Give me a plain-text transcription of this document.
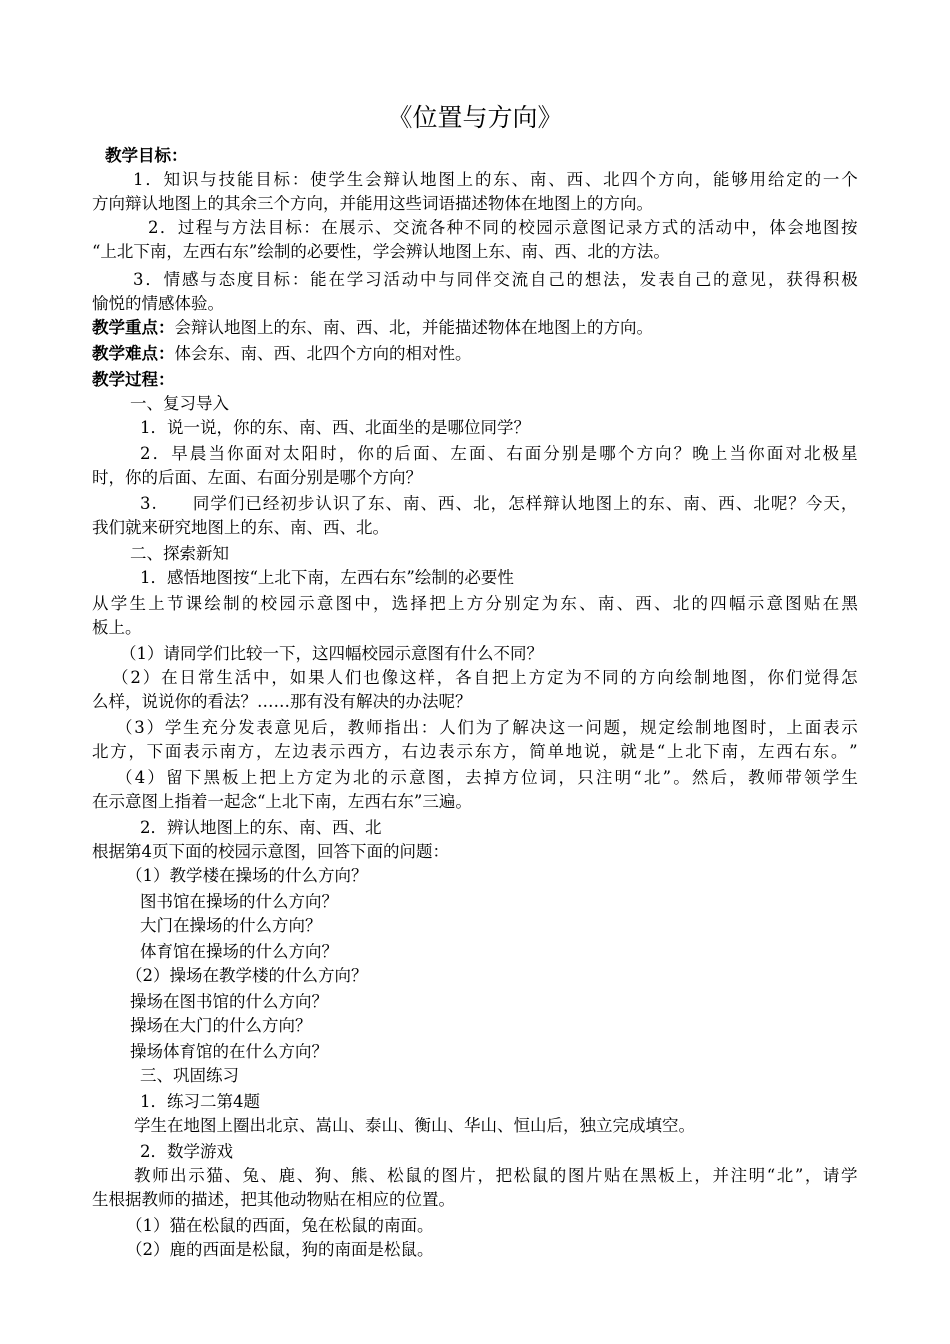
《位置与方向》
教学目标：
1 ． 知 识 与 技 能 目 标 ： 使 学 生 会 辩 认 地 图 上 的 东 、 南 、 西 、 北 四 个 方 向 ， 能 够 用 给 定 的 一 个
方向辩认地图上的其余三个方向，并能用这些词语描述物体在地图上的方向。
2 ． 过 程 与 方 法 目 标 ： 在 展 示 、 交 流 各 种 不 同 的 校 园 示 意 图 记 录 方 式 的 活 动 中 ， 体 会 地 图 按
“上北下南，左西右东”绘制的必要性，学会辨认地图上东、南、西、北的方法。
3 ． 情 感 与 态 度 目 标 ： 能 在 学 习 活 动 中 与 同 伴 交 流 自 己 的 想 法 ， 发 表 自 己 的 意 见 ， 获 得 积 极
愉悦的情感体验。
教学重点：会辩认地图上的东、南、西、北，并能描述物体在地图上的方向。
教学难点：体会东、南、西、北四个方向的相对性。
教学过程：
一、复习导入
1．说一说，你的东、南、西、北面坐的是哪位同学？
2 ． 早 晨 当 你 面 对 太 阳 时 ， 你 的 后 面 、 左 面 、 右 面 分 别 是 哪 个 方 向 ？ 晚 上 当 你 面 对 北 极 星
时，你的后面、左面、右面分别是哪个方向？
3 .

　 同 学 们 已 经 初 步 认 识 了 东 、 南 、 西 、 北 ， 怎 样 辩 认 地 图 上 的 东 、 南 、 西 、 北 呢 ？ 今 天 ，
我们就来研究地图上的东、南、西、北。
二、探索新知
1．感悟地图按“上北下南，左西右东”绘制的必要性
从 学 生 上 节 课 绘 制 的 校 园 示 意 图 中 ， 选 择 把 上 方 分 别 定 为 东 、 南 、 西 、 北 的 四 幅 示 意 图 贴 在 黑
板上。
（1）请同学们比较一下，这四幅校园示意图有什么不同？
（ 2 ） 在 日 常 生 活 中 ， 如 果 人 们 也 像 这 样 ， 各 自 把 上 方 定 为 不 同 的 方 向 绘 制 地 图 ， 你 们 觉 得 怎
么样，说说你的看法？……那有没有解决的办法呢？
（ 3 ） 学 生 充 分 发 表 意 见 后 ， 教 师 指 出 ： 人 们 为 了 解 决 这 一 问 题 ， 规 定 绘 制 地 图 时 ， 上 面 表 示
北 方 ， 下 面 表 示 南 方 ， 左 边 表 示 西 方 ， 右 边 表 示 东 方 ， 简 单 地 说 ， 就 是 “ 上 北 下 南 ， 左 西 右 东 。 ”
（ 4 ） 留 下 黑 板 上 把 上 方 定 为 北 的 示 意 图 ， 去 掉 方 位 词 ， 只 注 明 “ 北 ” 。 然 后 ， 教 师 带 领 学 生
在示意图上指着一起念“上北下南，左西右东”三遍。
2．辨认地图上的东、南、西、北
根据第4页下面的校园示意图，回答下面的问题：
（1）教学楼在操场的什么方向？
图书馆在操场的什么方向？
大门在操场的什么方向？
体育馆在操场的什么方向？
（2）操场在教学楼的什么方向？
操场在图书馆的什么方向？
操场在大门的什么方向？
操场体育馆的在什么方向？
三、巩固练习
1．练习二第4题
学生在地图上圈出北京、嵩山、泰山、衡山、华山、恒山后，独立完成填空。
2．数学游戏
教 师 出 示 猫 、 兔 、 鹿 、 狗 、 熊 、 松 鼠 的 图 片 ， 把 松 鼠 的 图 片 贴 在 黑 板 上 ， 并 注 明 “ 北 ” ， 请 学
生根据教师的描述，把其他动物贴在相应的位置。
（1）猫在松鼠的西面，兔在松鼠的南面。
（2）鹿的西面是松鼠，狗的南面是松鼠。
